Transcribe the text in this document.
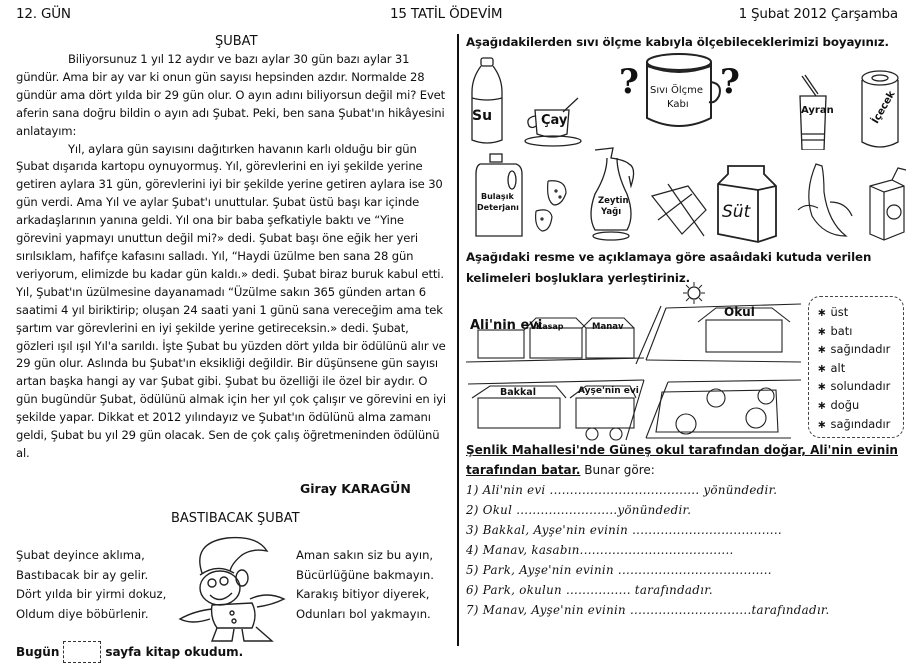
12. GÜN	15 TATİL ÖDEVİM	1 Şubat 2012 Çarşamba
ŞUBAT

Biliyorsunuz 1 yıl 12 aydır ve bazı aylar 30 gün bazı aylar 31 gündür. Ama bir ay var ki onun gün sayısı hepsinden azdır. Normalde 28 gündür ama dört yılda bir 29 gün olur. O ayın adını biliyorsun değil mi? Evet aferin sana doğru bildin o ayın adı Şubat. Peki, ben sana Şubat'ın hikâyesini anlatayım:

Yıl, aylara gün sayısını dağıtırken havanın karlı olduğu bir gün Şubat dışarıda kartopu oynuyormuş. Yıl, görevlerini en iyi şekilde yerine getiren aylara 31 gün, görevlerini iyi bir şekilde yerine getiren aylara ise 30 gün verdi. Ama Yıl ve aylar Şubat'ı unuttular. Şubat üstü başı kar içinde arkadaşlarının yanına geldi. Yıl ona bir baba şefkatiyle baktı ve “Yine görevini yapmayı unuttun değil mi?» dedi. Şubat başı öne eğik her yeri sırılsıklam, hafifçe kafasını salladı. Yıl, “Haydi üzülme ben sana 28 gün veriyorum, elimizde bu kadar gün kaldı.» dedi. Şubat biraz buruk kabul etti. Yıl, Şubat'ın üzülmesine dayanamadı “Üzülme sakın 365 günden artan 6 saatimi 4 yıl biriktirip; oluşan 24 saati yani 1 günü sana vereceğim ama tek şartım var görevlerini en iyi şekilde yerine getireceksin.» dedi. Şubat, gözleri ışıl ışıl Yıl'a sarıldı. İşte Şubat bu yüzden dört yılda bir ödülünü alır ve 29 gün olur. Aslında bu Şubat'ın eksikliği değildir. Bir düşünsene gün sayısı artan başka hangi ay var Şubat gibi. Şubat bu özelliği ile özel bir aydır. O gün bugündür Şubat, ödülünü almak için her yıl çok çalışır ve görevini en iyi şekilde yapar. Dikkat et 2012 yılındayız ve Şubat'ın ödülünü alma zamanı geldi, Şubat bu yıl 29 gün olacak. Sen de çok çalış öğretmeninden ödülünü al.

Giray KARAGÜN
BASTIBACAK ŞUBAT
Şubat deyince aklıma,
Bastıbacak bir ay gelir.
Dört yılda bir yirmi dokuz,
Oldum diye böbürlenir.
Aman sakın siz bu ayın,
Bücürlüğüne bakmayın.
Karakış bitiyor diyerek,
Odunları bol yakmayın.
Bugün	sayfa kitap okudum.
Aşağıdakilerden sıvı ölçme kabıyla ölçebileceklerimizi boyayınız.
Su	Çay
? ?
Sıvı Ölçme
Kabı
Ayran	İçecek
Bulaşık
Deterjanı
Zeytin
Yağı	Süt
Aşağıdaki resme ve açıklamaya göre asaâıdaki kutuda verilen kelimeleri boşluklara yerleştiriniz.
Ali'nin evi
Kasap	Manav
Okul
Bakkal	Ayşe'nin evi
∗ üst
∗ batı
∗ sağındadır
∗ alt
∗ solundadır
∗ doğu
∗ sağındadır
Şenlik Mahallesi'nde Güneş okul tarafından doğar, Ali'nin evinin
tarafından batar. Bunar göre:
1) Ali'nin evi ..................................... yönündedir.
2) Okul .........................yönündedir.
3) Bakkal, Ayşe'nin evinin .....................................
4) Manav, kasabın......................................
5) Park, Ayşe'nin evinin ......................................
6) Park, okulun ................ tarafındadır.
7) Manav, Ayşe'nin evinin ..............................tarafındadır.
